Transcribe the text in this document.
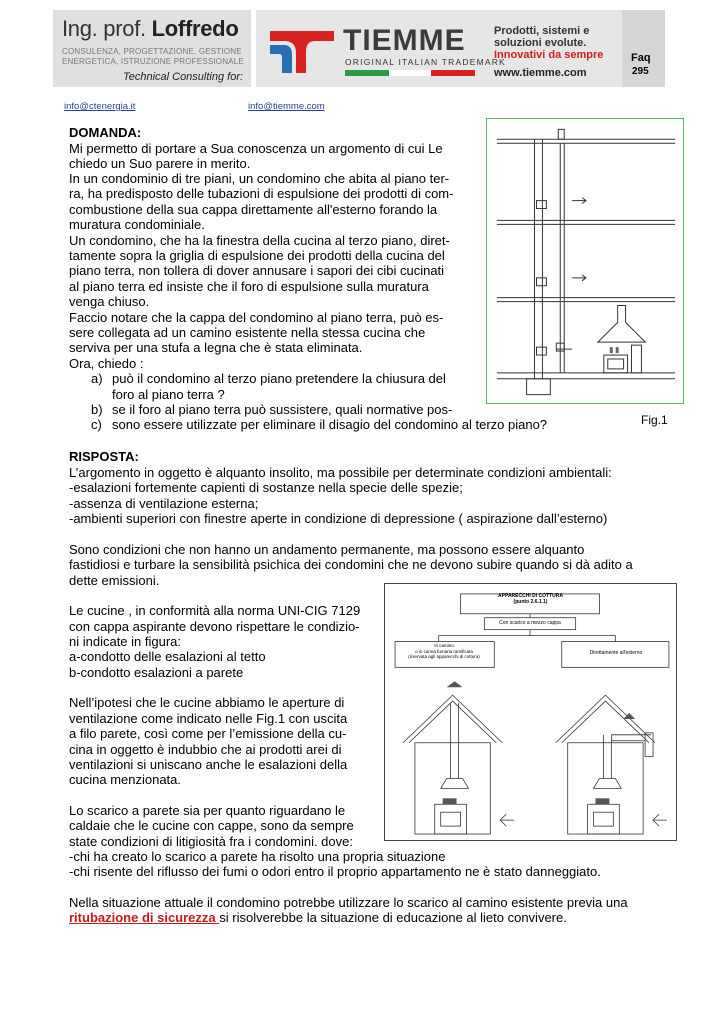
Ing. prof. Loffredo
CONSULENZA, PROGETTAZIONE, GESTIONE
ENERGETICA, ISTRUZIONE PROFESSIONALE
Technical Consulting for:
TIEMME
ORIGINAL ITALIAN TRADEMARK
Prodotti, sistemi e
soluzioni evolute.
Innovativi da sempre
www.tiemme.com
Faq
295
info@ctenergia.it	info@tiemme.com
DOMANDA:
Mi permetto di portare a Sua conoscenza un argomento di cui Le
chiedo un Suo parere in merito.
In un condominio di tre piani, un condomino che abita al piano ter-
ra, ha predisposto delle tubazioni di espulsione dei prodotti di com-
combustione della sua cappa direttamente all'esterno forando la
muratura condominiale.
Un condomino, che ha la finestra della cucina al terzo piano, diret-
tamente sopra la griglia di espulsione dei prodotti della cucina del
piano terra, non tollera di dover annusare i sapori dei cibi cucinati
al piano terra ed insiste che il foro di espulsione sulla muratura
venga chiuso.
Faccio notare che la cappa del condomino al piano terra, può es-
sere collegata ad un camino esistente nella stessa cucina che
serviva per una stufa a legna che è stata eliminata.
Ora, chiedo :
a) può il condomino al terzo piano pretendere la chiusura del
foro al piano terra ?
b) se il foro al piano terra può sussistere, quali normative pos-
c) sono essere utilizzate per eliminare il disagio del condomino al terzo piano?	Fig.1
RISPOSTA:
L’argomento in oggetto è alquanto insolito, ma possibile per determinate condizioni ambientali:
-esalazioni fortemente capienti di sostanze nella specie delle spezie;
-assenza di ventilazione esterna;
-ambienti superiori con finestre aperte in condizione di depressione ( aspirazione dall’esterno)
Sono condizioni che non hanno un andamento permanente, ma possono essere alquanto
fastidiosi e turbare la sensibilità psichica dei condomini che ne devono subire quando si dà adito a
dette emissioni.
Le cucine , in conformità alla norma UNI-CIG 7129
con cappa aspirante devono rispettare le condizio-
ni indicate in figura:
a-condotto delle esalazioni al tetto
b-condotto esalazioni a parete
Nell’ipotesi che le cucine abbiamo le aperture di
ventilazione come indicato nelle Fig.1 con uscita
a filo parete, così come per l’emissione della cu-
cina in oggetto è indubbio che ai prodotti arei di
ventilazioni si uniscano anche le esalazioni della
cucina menzionata.
Lo scarico a parete sia per quanto riguardano le
caldaie che le cucine con cappe, sono da sempre
state condizioni di litigiosità fra i condomini. dove:
-chi ha creato lo scarico a parete ha risolto una propria situazione
-chi risente del riflusso dei fumi o odori entro il proprio appartamento ne è stato danneggiato.
Nella situazione attuale il condomino potrebbe utilizzare lo scarico al camino esistente previa una
ritubazione di sicurezza si risolverebbe la situazione di educazione al lieto convivere.
APPARECCHI DI COTTURA
(punto 2.6.1.1)
Con scarico a mezzo cappa
In camino
o in canna fumaria ramificata
(riservata agli apparecchi di cottura)
Direttamente all'esterno
